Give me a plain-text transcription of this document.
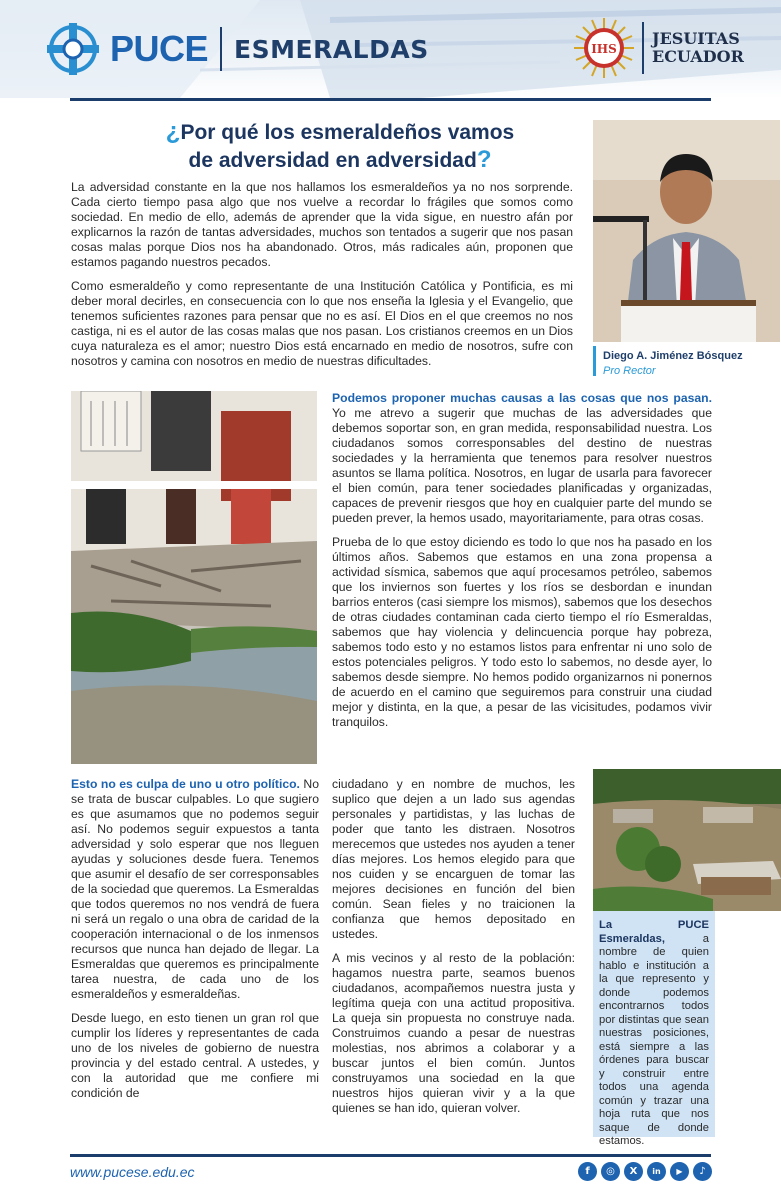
PUCE ESMERALDAS	IHS
JESUITAS
ECUADOR
¿Por qué los esmeraldeños vamos
de adversidad en adversidad?
Diego A. Jiménez Bósquez
Pro Rector

La adversidad constante en la que nos hallamos los esmeraldeños ya no nos sorprende. Cada cierto tiempo pasa algo que nos vuelve a recordar lo frágiles que somos como sociedad. En medio de ello, además de aprender que la vida sigue, en nuestro afán por explicarnos la razón de tantas adversidades, muchos son tentados a sugerir que nos pasan cosas malas porque Dios nos ha abandonado. Otros, más radicales aún, proponen que estamos pagando nuestros pecados.

Como esmeraldeño y como representante de una Institución Católica y Pontificia, es mi deber moral decirles, en consecuencia con lo que nos enseña la Iglesia y el Evangelio, que tenemos suficientes razones para pensar que no es así. El Dios en el que creemos no nos castiga, ni es el autor de las cosas malas que nos pasan. Los cristianos creemos en un Dios cuya naturaleza es el amor; nuestro Dios está encarnado en medio de nosotros, sufre con nosotros y camina con nosotros en medio de nuestras dificultades.

Podemos proponer muchas causas a las cosas que nos pasan. Yo me atrevo a sugerir que muchas de las adversidades que debemos soportar son, en gran medida, responsabilidad nuestra. Los ciudadanos somos corresponsables del destino de nuestras sociedades y la herramienta que tenemos para resolver nuestros asuntos se llama política. Nosotros, en lugar de usarla para favorecer el bien común, para tener sociedades planificadas y organizadas, capaces de prevenir riesgos que hoy en cualquier parte del mundo se pueden prever, la hemos usado, mayoritariamente, para otras cosas.

Prueba de lo que estoy diciendo es todo lo que nos ha pasado en los últimos años. Sabemos que estamos en una zona propensa a actividad sísmica, sabemos que aquí procesamos petróleo, sabemos que los inviernos son fuertes y los ríos se desbordan e inundan barrios enteros (casi siempre los mismos), sabemos que los desechos de otras ciudades contaminan cada cierto tiempo el río Esmeraldas, sabemos que hay violencia y delincuencia porque hay pobreza, sabemos todo esto y no estamos listos para enfrentar ni uno solo de estos potenciales peligros. Y todo esto lo sabemos, no desde ayer, lo sabemos desde siempre. No hemos podido organizarnos ni ponernos de acuerdo en el camino que seguiremos para construir una ciudad mejor y distinta, en la que, a pesar de las vicisitudes, podamos vivir tranquilos.

Esto no es culpa de uno u otro político. No se trata de buscar culpables. Lo que sugiero es que asumamos que no podemos seguir así. No podemos seguir expuestos a tanta adversidad y solo esperar que nos lleguen ayudas y soluciones desde fuera. Tenemos que asumir el desafío de ser corresponsables de la sociedad que queremos. La Esmeraldas que todos queremos no nos vendrá de fuera ni será un regalo o una obra de caridad de la cooperación internacional o de los inmensos recursos que nunca han dejado de llegar. La Esmeraldas que queremos es principalmente tarea nuestra, de cada uno de los esmeraldeños y esmeraldeñas.

Desde luego, en esto tienen un gran rol que cumplir los líderes y representantes de cada uno de los niveles de gobierno de nuestra provincia y del estado central. A ustedes, y con la autoridad que me confiere mi condición de

ciudadano y en nombre de muchos, les suplico que dejen a un lado sus agendas personales y partidistas, y las luchas de poder que tanto les distraen. Nosotros merecemos que ustedes nos ayuden a tener días mejores. Los hemos elegido para que nos cuiden y se encarguen de tomar las mejores decisiones en función del bien común. Sean fieles y no traicionen la confianza que hemos depositado en ustedes.

A mis vecinos y al resto de la población: hagamos nuestra parte, seamos buenos ciudadanos, acompañemos nuestra justa y legítima queja con una actitud propositiva. La queja sin propuesta no construye nada. Construimos cuando a pesar de nuestras molestias, nos abrimos a colaborar y a buscar juntos el bien común. Juntos construyamos una sociedad en la que nuestros hijos quieran vivir y a la que quienes se han ido, quieran volver.

La PUCE Esmeraldas, a nombre de quien hablo e institución a la que represento y donde podemos encontrarnos todos por distintas que sean nuestras posiciones, está siempre a las órdenes para buscar y construir entre todos una agenda común y trazar una hoja ruta que nos saque de donde estamos.
www.pucese.edu.ec	f	◎	X	in	▶	♪
